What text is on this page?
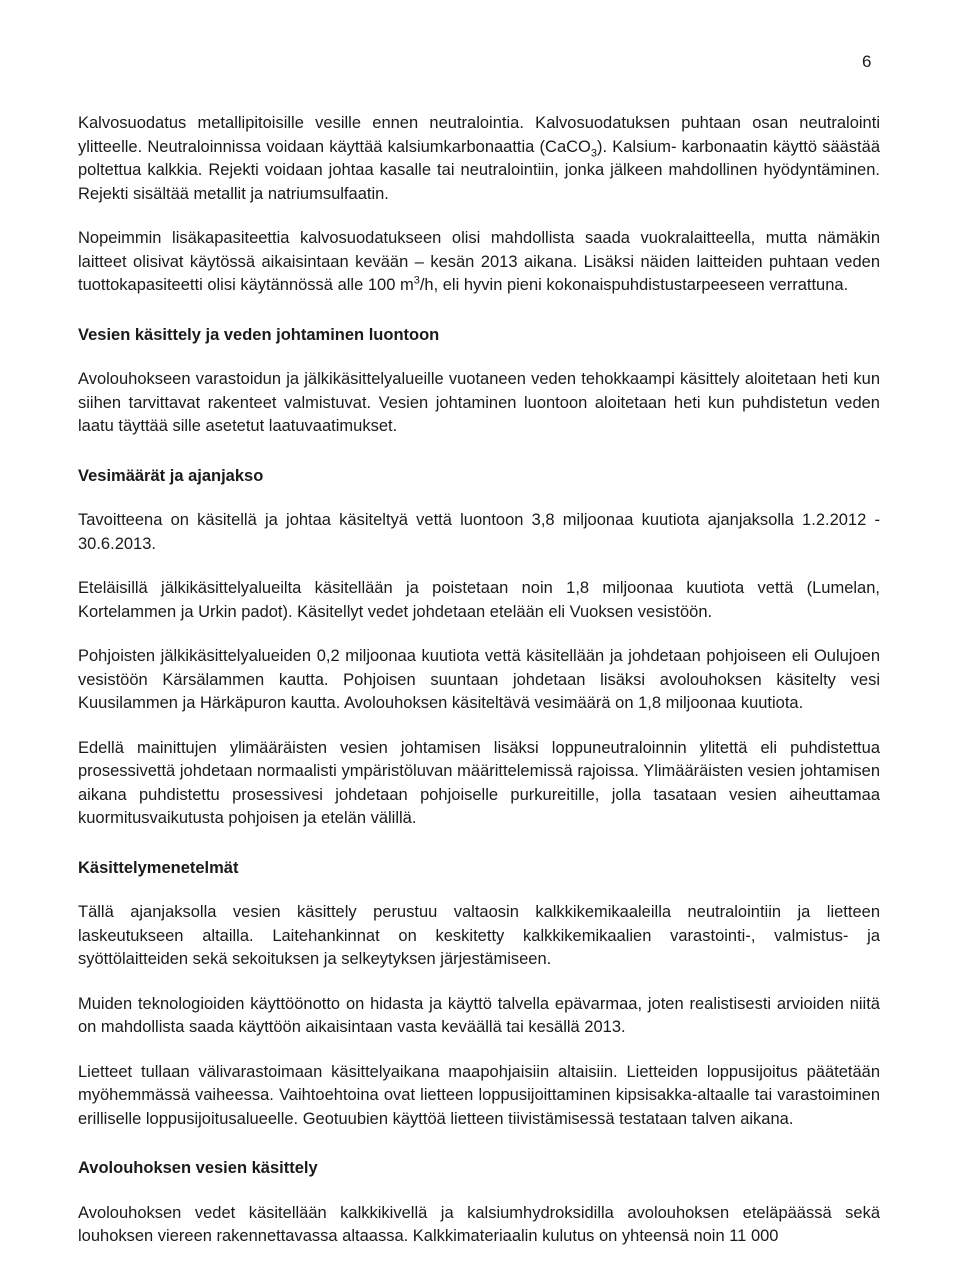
6

Kalvosuodatus metallipitoisille vesille ennen neutralointia. Kalvosuodatuksen puhtaan osan neutralointi ylitteelle. Neutraloinnissa voidaan käyttää kalsiumkarbonaattia (CaCO$_3$). Kalsium- karbonaatin käyttö säästää poltettua kalkkia. Rejekti voidaan johtaa kasalle tai neutralointiin, jonka jälkeen mahdollinen hyödyntäminen. Rejekti sisältää metallit ja natriumsulfaatin.

Nopeimmin lisäkapasiteettia kalvosuodatukseen olisi mahdollista saada vuokralaitteella, mutta nämäkin laitteet olisivat käytössä aikaisintaan kevään – kesän 2013 aikana. Lisäksi näiden laitteiden puhtaan veden tuottokapasiteetti olisi käytännössä alle 100 $m^3/h$, eli hyvin pieni kokonaispuhdistustarpeeseen verrattuna.

Vesien käsittely ja veden johtaminen luontoon

Avolouhokseen varastoidun ja jälkikäsittelyalueille vuotaneen veden tehokkaampi käsittely aloitetaan heti kun siihen tarvittavat rakenteet valmistuvat. Vesien johtaminen luontoon aloitetaan heti kun puhdistetun veden laatu täyttää sille asetetut laatuvaatimukset.

Vesimäärät ja ajanjakso

Tavoitteena on käsitellä ja johtaa käsiteltyä vettä luontoon 3,8 miljoonaa kuutiota ajanjaksolla 1.2.2012 - 30.6.2013.

Eteläisillä jälkikäsittelyalueilta käsitellään ja poistetaan noin 1,8 miljoonaa kuutiota vettä (Lumelan, Kortelammen ja Urkin padot). Käsitellyt vedet johdetaan etelään eli Vuoksen vesistöön.

Pohjoisten jälkikäsittelyalueiden 0,2 miljoonaa kuutiota vettä käsitellään ja johdetaan pohjoiseen eli Oulujoen vesistöön Kärsälammen kautta. Pohjoisen suuntaan johdetaan lisäksi avolouhoksen käsitelty vesi Kuusilammen ja Härkäpuron kautta. Avolouhoksen käsiteltävä vesimäärä on 1,8 miljoonaa kuutiota.

Edellä mainittujen ylimääräisten vesien johtamisen lisäksi loppuneutraloinnin ylitettä eli puhdistettua prosessivettä johdetaan normaalisti ympäristöluvan määrittelemissä rajoissa. Ylimääräisten vesien johtamisen aikana puhdistettu prosessivesi johdetaan pohjoiselle purkureitille, jolla tasataan vesien aiheuttamaa kuormitusvaikutusta pohjoisen ja etelän välillä.

Käsittelymenetelmät

Tällä ajanjaksolla vesien käsittely perustuu valtaosin kalkkikemikaaleilla neutralointiin ja lietteen laskeutukseen altailla. Laitehankinnat on keskitetty kalkkikemikaalien varastointi-, valmistus- ja syöttölaitteiden sekä sekoituksen ja selkeytyksen järjestämiseen.

Muiden teknologioiden käyttöönotto on hidasta ja käyttö talvella epävarmaa, joten realistisesti arvioiden niitä on mahdollista saada käyttöön aikaisintaan vasta keväällä tai kesällä 2013.

Lietteet tullaan välivarastoimaan käsittelyaikana maapohjaisiin altaisiin. Lietteiden loppusijoitus päätetään myöhemmässä vaiheessa. Vaihtoehtoina ovat lietteen loppusijoittaminen kipsisakka-altaalle tai varastoiminen erilliselle loppusijoitusalueelle. Geotuubien käyttöä lietteen tiivistämisessä testataan talven aikana.

Avolouhoksen vesien käsittely

Avolouhoksen vedet käsitellään kalkkikivellä ja kalsiumhydroksidilla avolouhoksen eteläpäässä sekä louhoksen viereen rakennettavassa altaassa. Kalkkimateriaalin kulutus on yhteensä noin 11 000
